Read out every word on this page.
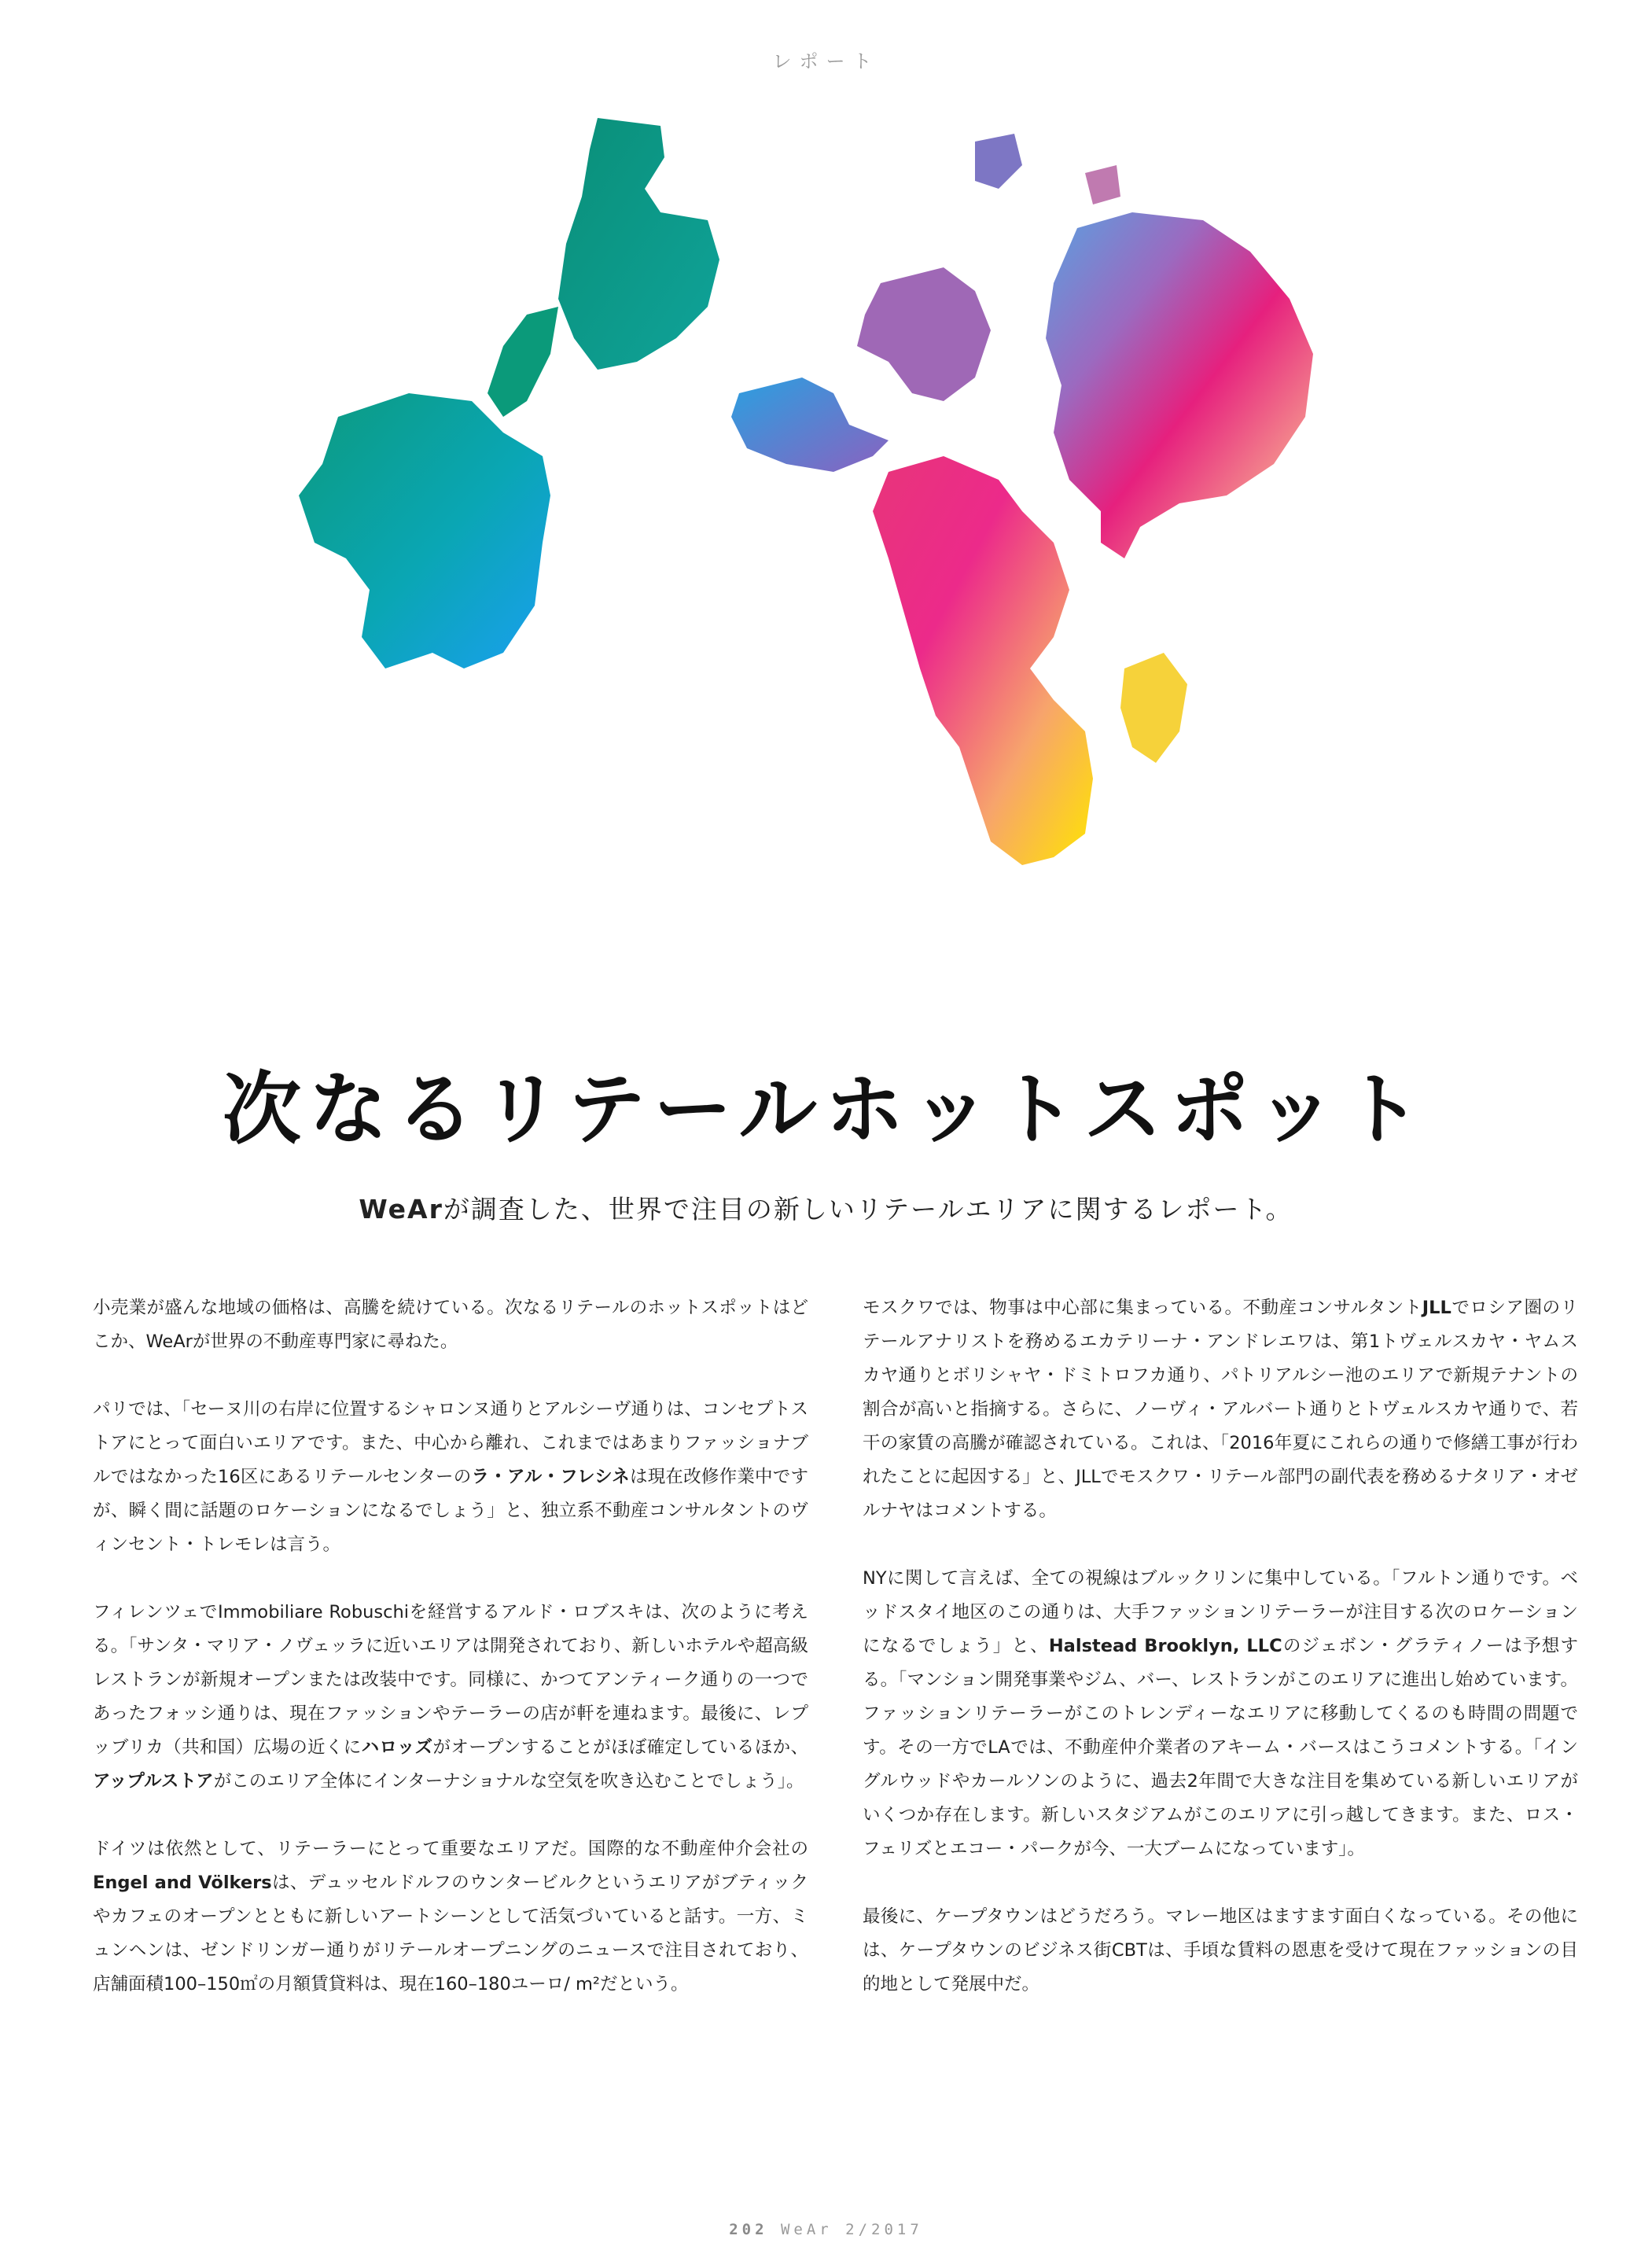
レポート
次なるリテールホットスポット
WeArが調査した、世界で注目の新しいリテールエリアに関するレポート。

小売業が盛んな地域の価格は、高騰を続けている。次なるリテールのホットスポットはどこか、WeArが世界の不動産専門家に尋ねた。

パリでは、「セーヌ川の右岸に位置するシャロンヌ通りとアルシーヴ通りは、コンセプトストアにとって面白いエリアです。また、中心から離れ、これまではあまりファッショナブルではなかった16区にあるリテールセンターのラ・アル・フレシネは現在改修作業中ですが、瞬く間に話題のロケーションになるでしょう」と、独立系不動産コンサルタントのヴィンセント・トレモレは言う。

フィレンツェでImmobiliare Robuschiを経営するアルド・ロブスキは、次のように考える。「サンタ・マリア・ノヴェッラに近いエリアは開発されており、新しいホテルや超高級レストランが新規オープンまたは改装中です。同様に、かつてアンティーク通りの一つであったフォッシ通りは、現在ファッションやテーラーの店が軒を連ねます。最後に、レプッブリカ（共和国）広場の近くにハロッズがオープンすることがほぼ確定しているほか、アップルストアがこのエリア全体にインターナショナルな空気を吹き込むことでしょう」。

ドイツは依然として、リテーラーにとって重要なエリアだ。国際的な不動産仲介会社のEngel and Völkersは、デュッセルドルフのウンタービルクというエリアがブティックやカフェのオープンとともに新しいアートシーンとして活気づいていると話す。一方、ミュンヘンは、ゼンドリンガー通りがリテールオープニングのニュースで注目されており、店舗面積100–150㎡の月額賃貸料は、現在160–180ユーロ/ m²だという。

モスクワでは、物事は中心部に集まっている。不動産コンサルタントJLLでロシア圏のリテールアナリストを務めるエカテリーナ・アンドレエワは、第1トヴェルスカヤ・ヤムスカヤ通りとボリシャヤ・ドミトロフカ通り、パトリアルシー池のエリアで新規テナントの割合が高いと指摘する。さらに、ノーヴィ・アルバート通りとトヴェルスカヤ通りで、若干の家賃の高騰が確認されている。これは、「2016年夏にこれらの通りで修繕工事が行われたことに起因する」と、JLLでモスクワ・リテール部門の副代表を務めるナタリア・オゼルナヤはコメントする。

NYに関して言えば、全ての視線はブルックリンに集中している。「フルトン通りです。ベッドスタイ地区のこの通りは、大手ファッションリテーラーが注目する次のロケーションになるでしょう」と、Halstead Brooklyn, LLCのジェボン・グラティノーは予想する。「マンション開発事業やジム、バー、レストランがこのエリアに進出し始めています。ファッションリテーラーがこのトレンディーなエリアに移動してくるのも時間の問題です。その一方でLAでは、不動産仲介業者のアキーム・バースはこうコメントする。「イングルウッドやカールソンのように、過去2年間で大きな注目を集めている新しいエリアがいくつか存在します。新しいスタジアムがこのエリアに引っ越してきます。また、ロス・フェリズとエコー・パークが今、一大ブームになっています」。

最後に、ケープタウンはどうだろう。マレー地区はますます面白くなっている。その他には、ケープタウンのビジネス街CBTは、手頃な賃料の恩恵を受けて現在ファッションの目的地として発展中だ。

202 WeAr 2/2017
